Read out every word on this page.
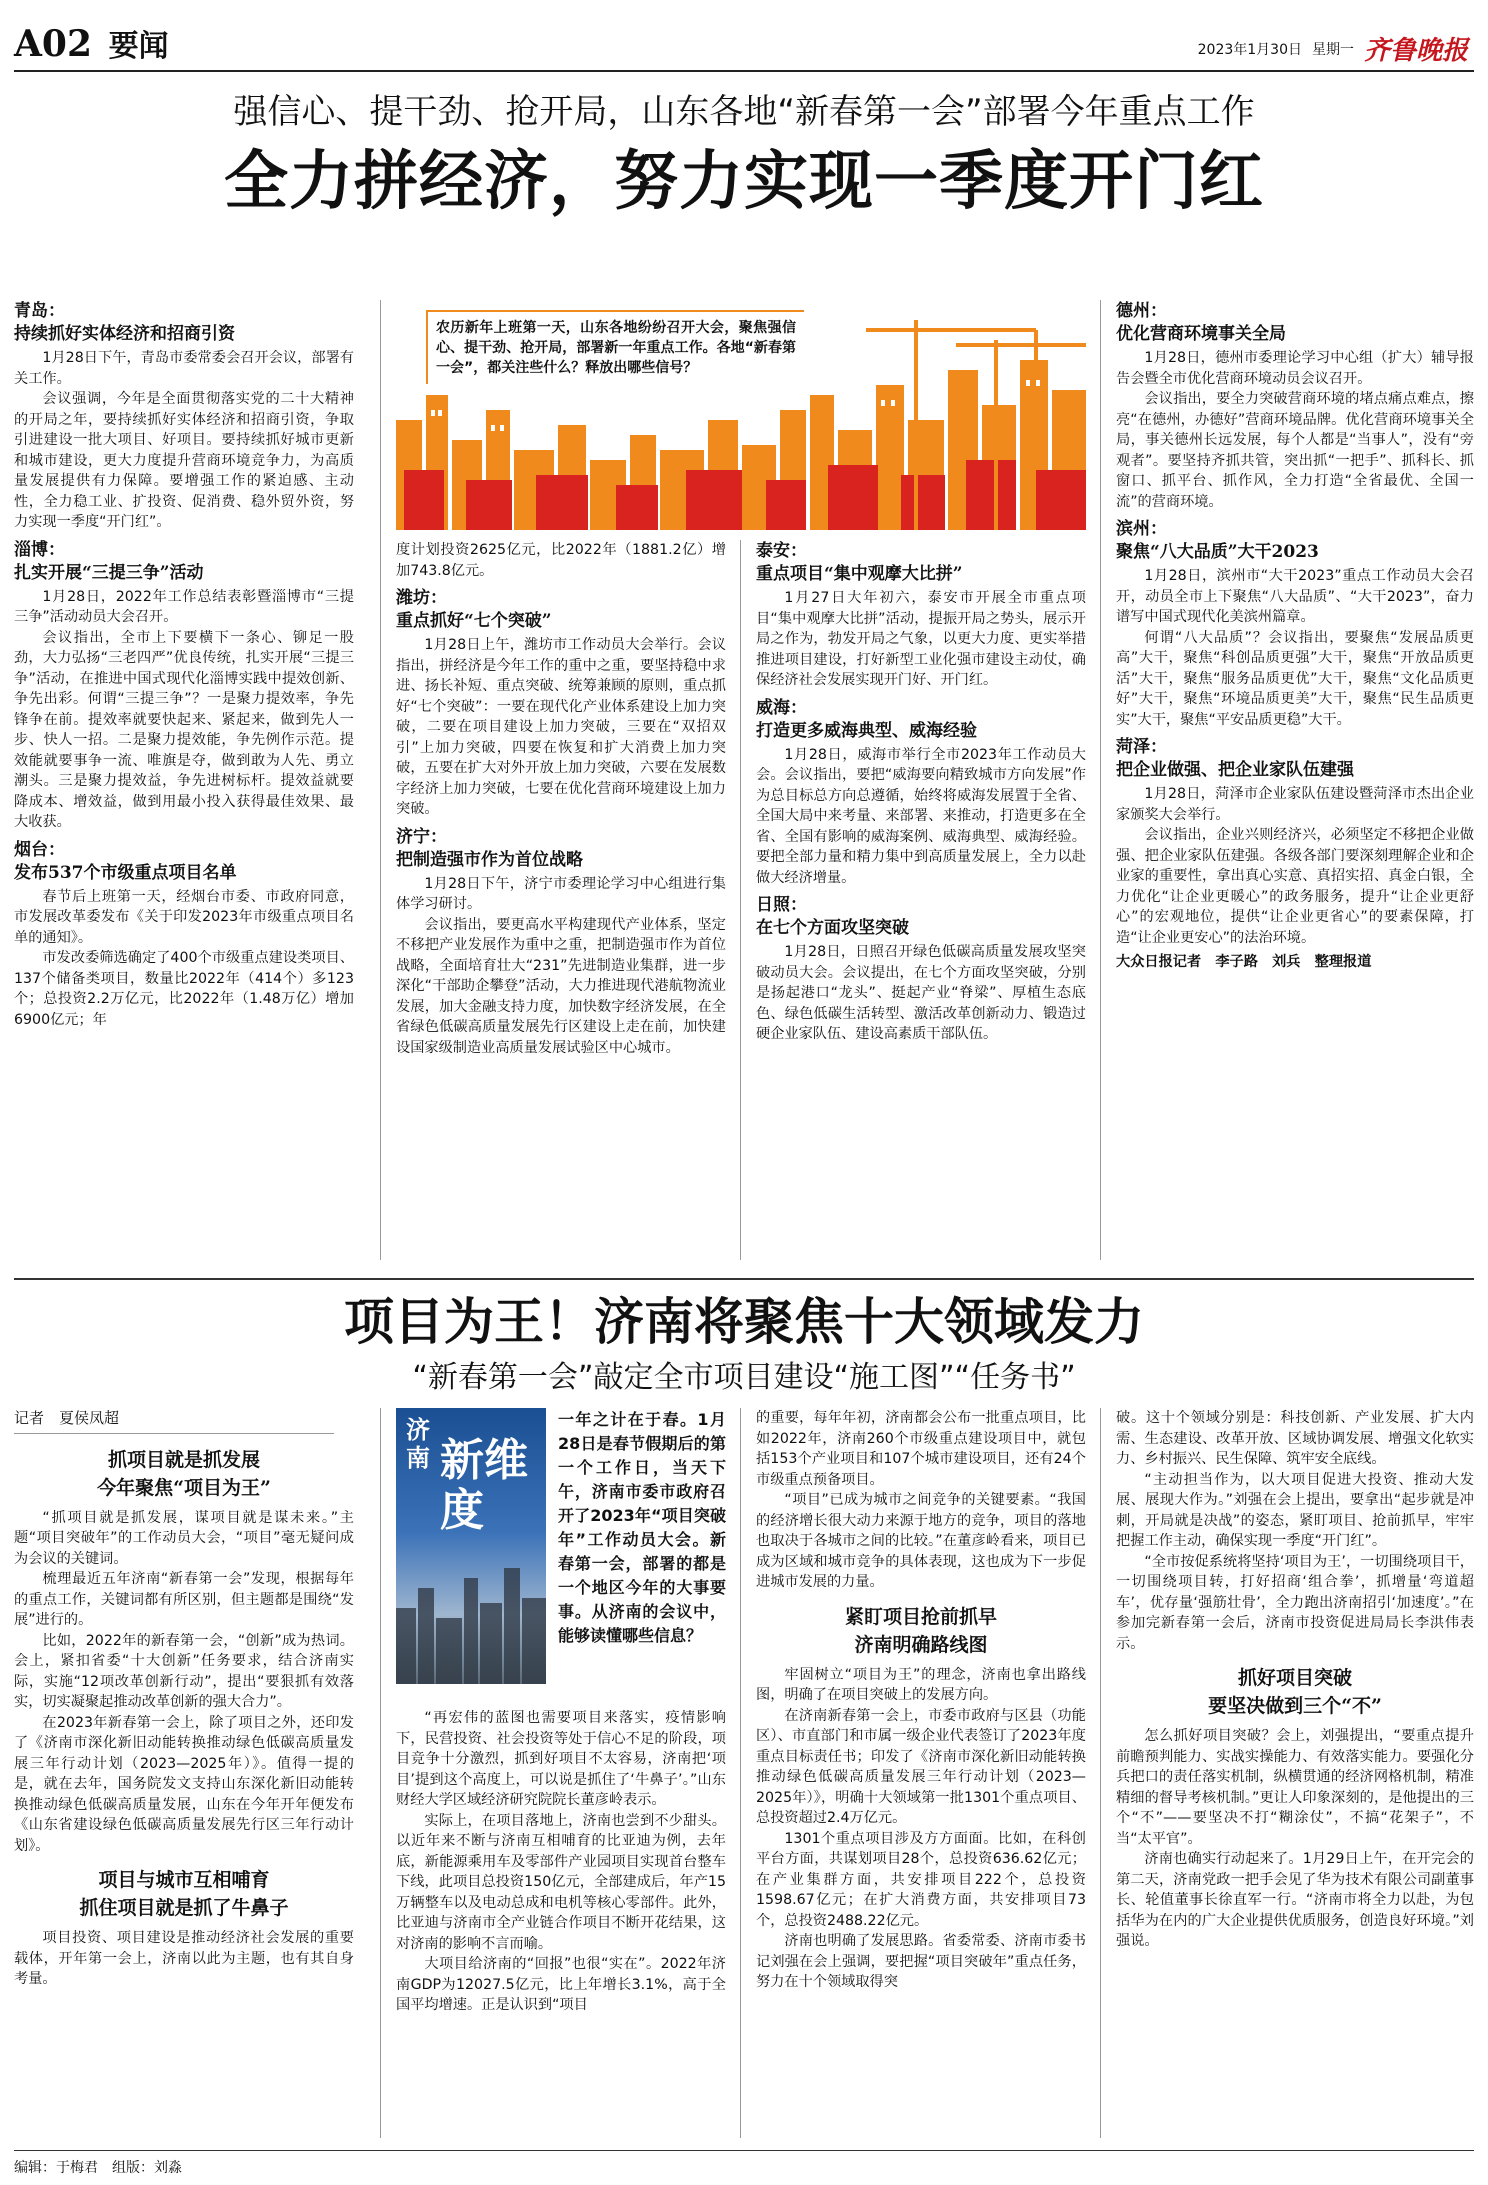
A02 要闻	2023年1月30日 星期一 齐鲁晚报
强信心、提干劲、抢开局，山东各地“新春第一会”部署今年重点工作
全力拼经济，努力实现一季度开门红

农历新年上班第一天，山东各地纷纷召开大会，聚焦强信心、提干劲、抢开局，部署新一年重点工作。各地“新春第一会”，都关注些什么？释放出哪些信号？

青岛：

持续抓好实体经济和招商引资

1月28日下午，青岛市委常委会召开会议，部署有关工作。

会议强调，今年是全面贯彻落实党的二十大精神的开局之年，要持续抓好实体经济和招商引资，争取引进建设一批大项目、好项目。要持续抓好城市更新和城市建设，更大力度提升营商环境竞争力，为高质量发展提供有力保障。要增强工作的紧迫感、主动性，全力稳工业、扩投资、促消费、稳外贸外资，努力实现一季度“开门红”。

淄博：

扎实开展“三提三争”活动

1月28日，2022年工作总结表彰暨淄博市“三提三争”活动动员大会召开。

会议指出，全市上下要横下一条心、铆足一股劲，大力弘扬“三老四严”优良传统，扎实开展“三提三争”活动，在推进中国式现代化淄博实践中提效创新、争先出彩。何谓“三提三争”？一是聚力提效率，争先锋争在前。提效率就要快起来、紧起来，做到先人一步、快人一招。二是聚力提效能，争先例作示范。提效能就要事争一流、唯旗是夺，做到敢为人先、勇立潮头。三是聚力提效益，争先进树标杆。提效益就要降成本、增效益，做到用最小投入获得最佳效果、最大收获。

烟台：

发布537个市级重点项目名单

春节后上班第一天，经烟台市委、市政府同意，市发展改革委发布《关于印发2023年市级重点项目名单的通知》。

市发改委筛选确定了400个市级重点建设类项目、137个储备类项目，数量比2022年（414个）多123个；总投资2.2万亿元，比2022年（1.48万亿）增加6900亿元；年

度计划投资2625亿元，比2022年（1881.2亿）增加743.8亿元。

潍坊：

重点抓好“七个突破”

1月28日上午，潍坊市工作动员大会举行。会议指出，拼经济是今年工作的重中之重，要坚持稳中求进、扬长补短、重点突破、统筹兼顾的原则，重点抓好“七个突破”：一要在现代化产业体系建设上加力突破，二要在项目建设上加力突破，三要在“双招双引”上加力突破，四要在恢复和扩大消费上加力突破，五要在扩大对外开放上加力突破，六要在发展数字经济上加力突破，七要在优化营商环境建设上加力突破。

济宁：

把制造强市作为首位战略

1月28日下午，济宁市委理论学习中心组进行集体学习研讨。

会议指出，要更高水平构建现代产业体系，坚定不移把产业发展作为重中之重，把制造强市作为首位战略，全面培育壮大“231”先进制造业集群，进一步深化“干部助企攀登”活动，大力推进现代港航物流业发展，加大金融支持力度，加快数字经济发展，在全省绿色低碳高质量发展先行区建设上走在前，加快建设国家级制造业高质量发展试验区中心城市。

泰安：

重点项目“集中观摩大比拼”

1月27日大年初六，泰安市开展全市重点项目“集中观摩大比拼”活动，提振开局之势头，展示开局之作为，勃发开局之气象，以更大力度、更实举措推进项目建设，打好新型工业化强市建设主动仗，确保经济社会发展实现开门好、开门红。

威海：

打造更多威海典型、威海经验

1月28日，威海市举行全市2023年工作动员大会。会议指出，要把“威海要向精致城市方向发展”作为总目标总方向总遵循，始终将威海发展置于全省、全国大局中来考量、来部署、来推动，打造更多在全省、全国有影响的威海案例、威海典型、威海经验。要把全部力量和精力集中到高质量发展上，全力以赴做大经济增量。

日照：

在七个方面攻坚突破

1月28日，日照召开绿色低碳高质量发展攻坚突破动员大会。会议提出，在七个方面攻坚突破，分别是扬起港口“龙头”、挺起产业“脊梁”、厚植生态底色、绿色低碳生活转型、激活改革创新动力、锻造过硬企业家队伍、建设高素质干部队伍。

德州：

优化营商环境事关全局

1月28日，德州市委理论学习中心组（扩大）辅导报告会暨全市优化营商环境动员会议召开。

会议指出，要全力突破营商环境的堵点痛点难点，擦亮“在德州，办德好”营商环境品牌。优化营商环境事关全局，事关德州长远发展，每个人都是“当事人”，没有“旁观者”。要坚持齐抓共管，突出抓“一把手”、抓科长、抓窗口、抓平台、抓作风，全力打造“全省最优、全国一流”的营商环境。

滨州：

聚焦“八大品质”大干2023

1月28日，滨州市“大干2023”重点工作动员大会召开，动员全市上下聚焦“八大品质”、“大干2023”，奋力谱写中国式现代化美滨州篇章。

何谓“八大品质”？会议指出，要聚焦“发展品质更高”大干，聚焦“科创品质更强”大干，聚焦“开放品质更活”大干，聚焦“服务品质更优”大干，聚焦“文化品质更好”大干，聚焦“环境品质更美”大干，聚焦“民生品质更实”大干，聚焦“平安品质更稳”大干。

菏泽：

把企业做强、把企业家队伍建强

1月28日，菏泽市企业家队伍建设暨菏泽市杰出企业家颁奖大会举行。

会议指出，企业兴则经济兴，必须坚定不移把企业做强、把企业家队伍建强。各级各部门要深刻理解企业和企业家的重要性，拿出真心实意、真招实招、真金白银，全力优化“让企业更暖心”的政务服务，提升“让企业更舒心”的宏观地位，提供“让企业更省心”的要素保障，打造“让企业更安心”的法治环境。

大众日报记者　李子路　刘兵　整理报道

项目为王！济南将聚焦十大领域发力
“新春第一会”敲定全市项目建设“施工图”“任务书”

记者　夏侯凤超

抓项目就是抓发展
今年聚焦“项目为王”

“抓项目就是抓发展，谋项目就是谋未来。”主题“项目突破年”的工作动员大会，“项目”毫无疑问成为会议的关键词。

梳理最近五年济南“新春第一会”发现，根据每年的重点工作，关键词都有所区别，但主题都是围绕“发展”进行的。

比如，2022年的新春第一会，“创新”成为热词。会上，紧扣省委“十大创新”任务要求，结合济南实际，实施“12项改革创新行动”，提出“要狠抓有效落实，切实凝聚起推动改革创新的强大合力”。

在2023年新春第一会上，除了项目之外，还印发了《济南市深化新旧动能转换推动绿色低碳高质量发展三年行动计划（2023—2025年）》。值得一提的是，就在去年，国务院发文支持山东深化新旧动能转换推动绿色低碳高质量发展，山东在今年开年便发布《山东省建设绿色低碳高质量发展先行区三年行动计划》。

项目与城市互相哺育
抓住项目就是抓了牛鼻子

项目投资、项目建设是推动经济社会发展的重要载体，开年第一会上，济南以此为主题，也有其自身考量。

济南 新维度

一年之计在于春。1月28日是春节假期后的第一个工作日，当天下午，济南市委市政府召开了2023年“项目突破年”工作动员大会。新春第一会，部署的都是一个地区今年的大事要事。从济南的会议中，能够读懂哪些信息？

“再宏伟的蓝图也需要项目来落实，疫情影响下，民营投资、社会投资等处于信心不足的阶段，项目竞争十分激烈，抓到好项目不太容易，济南把‘项目’提到这个高度上，可以说是抓住了‘牛鼻子’。”山东财经大学区域经济研究院院长董彦岭表示。

实际上，在项目落地上，济南也尝到不少甜头。以近年来不断与济南互相哺育的比亚迪为例，去年底，新能源乘用车及零部件产业园项目实现首台整车下线，此项目总投资150亿元，全部建成后，年产15万辆整车以及电动总成和电机等核心零部件。此外，比亚迪与济南市全产业链合作项目不断开花结果，这对济南的影响不言而喻。

大项目给济南的“回报”也很“实在”。2022年济南GDP为12027.5亿元，比上年增长3.1%，高于全国平均增速。正是认识到“项目

的重要，每年年初，济南都会公布一批重点项目，比如2022年，济南260个市级重点建设项目中，就包括153个产业项目和107个城市建设项目，还有24个市级重点预备项目。

“项目”已成为城市之间竞争的关键要素。“我国的经济增长很大动力来源于地方的竞争，项目的落地也取决于各城市之间的比较。”在董彦岭看来，项目已成为区域和城市竞争的具体表现，这也成为下一步促进城市发展的力量。

紧盯项目抢前抓早
济南明确路线图

牢固树立“项目为王”的理念，济南也拿出路线图，明确了在项目突破上的发展方向。

在济南新春第一会上，市委市政府与区县（功能区）、市直部门和市属一级企业代表签订了2023年度重点目标责任书；印发了《济南市深化新旧动能转换推动绿色低碳高质量发展三年行动计划（2023—2025年）》，明确十大领域第一批1301个重点项目、总投资超过2.4万亿元。

1301个重点项目涉及方方面面。比如，在科创平台方面，共谋划项目28个，总投资636.62亿元；在产业集群方面，共安排项目222个，总投资1598.67亿元；在扩大消费方面，共安排项目73个，总投资2488.22亿元。

济南也明确了发展思路。省委常委、济南市委书记刘强在会上强调，要把握“项目突破年”重点任务，努力在十个领域取得突

破。这十个领域分别是：科技创新、产业发展、扩大内需、生态建设、改革开放、区域协调发展、增强文化软实力、乡村振兴、民生保障、筑牢安全底线。

“主动担当作为，以大项目促进大投资、推动大发展、展现大作为。”刘强在会上提出，要拿出“起步就是冲刺，开局就是决战”的姿态，紧盯项目、抢前抓早，牢牢把握工作主动，确保实现一季度“开门红”。

“全市按促系统将坚持‘项目为王’，一切围绕项目干，一切围绕项目转，打好招商‘组合拳’，抓增量‘弯道超车’，优存量‘强筋壮骨’，全力跑出济南招引‘加速度’。”在参加完新春第一会后，济南市投资促进局局长李洪伟表示。

抓好项目突破
要坚决做到三个“不”

怎么抓好项目突破？会上，刘强提出，“要重点提升前瞻预判能力、实战实操能力、有效落实能力。要强化分兵把口的责任落实机制，纵横贯通的经济网格机制，精准精细的督导考核机制。”更让人印象深刻的，是他提出的三个“不”——要坚决不打“糊涂仗”，不搞“花架子”，不当“太平官”。

济南也确实行动起来了。1月29日上午，在开完会的第二天，济南党政一把手会见了华为技术有限公司副董事长、轮值董事长徐直军一行。“济南市将全力以赴，为包括华为在内的广大企业提供优质服务，创造良好环境。”刘强说。

编辑：于梅君　组版：刘淼
